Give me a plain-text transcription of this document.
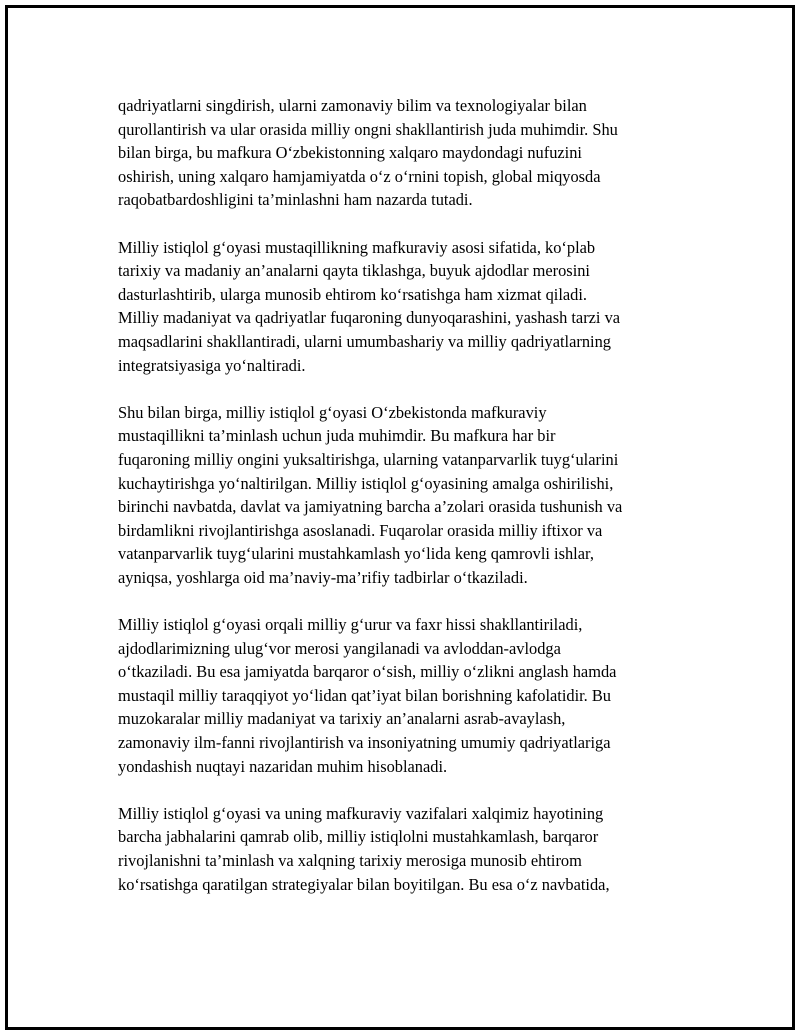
qadriyatlarni singdirish, ularni zamonaviy bilim va texnologiyalar bilan
qurollantirish va ular orasida milliy ongni shakllantirish juda muhimdir. Shu
bilan birga, bu mafkura O‘zbekistonning xalqaro maydondagi nufuzini
oshirish, uning xalqaro hamjamiyatda o‘z o‘rnini topish, global miqyosda
raqobatbardoshligini ta’minlashni ham nazarda tutadi.

Milliy istiqlol g‘oyasi mustaqillikning mafkuraviy asosi sifatida, ko‘plab
tarixiy va madaniy an’analarni qayta tiklashga, buyuk ajdodlar merosini
dasturlashtirib, ularga munosib ehtirom ko‘rsatishga ham xizmat qiladi.
Milliy madaniyat va qadriyatlar fuqaroning dunyoqarashini, yashash tarzi va
maqsadlarini shakllantiradi, ularni umumbashariy va milliy qadriyatlarning
integratsiyasiga yo‘naltiradi.

Shu bilan birga, milliy istiqlol g‘oyasi O‘zbekistonda mafkuraviy
mustaqillikni ta’minlash uchun juda muhimdir. Bu mafkura har bir
fuqaroning milliy ongini yuksaltirishga, ularning vatanparvarlik tuyg‘ularini
kuchaytirishga yo‘naltirilgan. Milliy istiqlol g‘oyasining amalga oshirilishi,
birinchi navbatda, davlat va jamiyatning barcha a’zolari orasida tushunish va
birdamlikni rivojlantirishga asoslanadi. Fuqarolar orasida milliy iftixor va
vatanparvarlik tuyg‘ularini mustahkamlash yo‘lida keng qamrovli ishlar,
ayniqsa, yoshlarga oid ma’naviy-ma’rifiy tadbirlar o‘tkaziladi.

Milliy istiqlol g‘oyasi orqali milliy g‘urur va faxr hissi shakllantiriladi,
ajdodlarimizning ulug‘vor merosi yangilanadi va avloddan-avlodga
o‘tkaziladi. Bu esa jamiyatda barqaror o‘sish, milliy o‘zlikni anglash hamda
mustaqil milliy taraqqiyot yo‘lidan qat’iyat bilan borishning kafolatidir. Bu
muzokaralar milliy madaniyat va tarixiy an’analarni asrab-avaylash,
zamonaviy ilm-fanni rivojlantirish va insoniyatning umumiy qadriyatlariga
yondashish nuqtayi nazaridan muhim hisoblanadi.

Milliy istiqlol g‘oyasi va uning mafkuraviy vazifalari xalqimiz hayotining
barcha jabhalarini qamrab olib, milliy istiqlolni mustahkamlash, barqaror
rivojlanishni ta’minlash va xalqning tarixiy merosiga munosib ehtirom
ko‘rsatishga qaratilgan strategiyalar bilan boyitilgan. Bu esa o‘z navbatida,
